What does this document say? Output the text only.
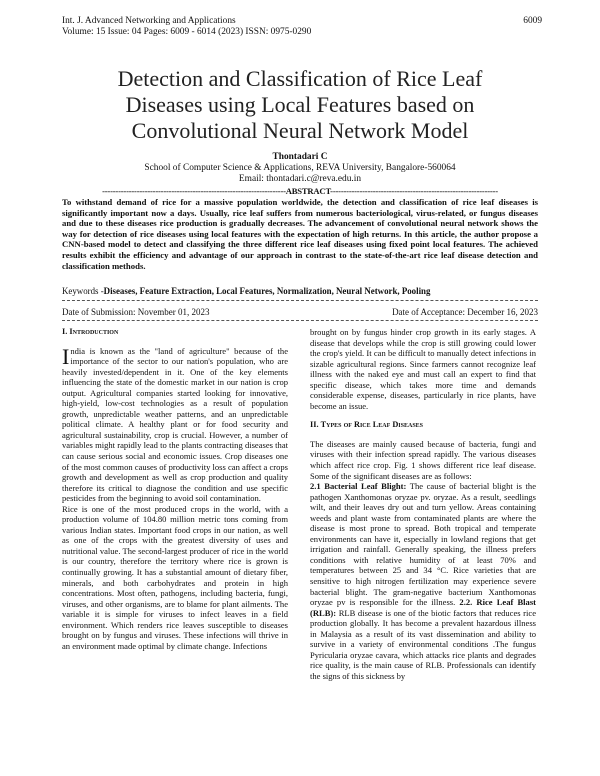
Int. J. Advanced Networking and Applications
Volume: 15 Issue: 04 Pages: 6009 - 6014 (2023) ISSN: 0975-0290
6009
Detection and Classification of Rice Leaf
Diseases using Local Features based on
Convolutional Neural Network Model
Thontadari C
School of Computer Science & Applications, REVA University, Bangalore-560064
Email: thontadari.c@reva.edu.in
---------------------------------------------------------------------ABSTRACT---------------------------------------------------------------
To withstand demand of rice for a massive population worldwide, the detection and classification of rice leaf diseases is significantly important now a days. Usually, rice leaf suffers from numerous bacteriological, virus-related, or fungus diseases and due to these diseases rice production is gradually decreases. The advancement of convolutional neural network shows the way for detection of rice diseases using local features with the expectation of high returns. In this article, the author propose a CNN-based model to detect and classifying the three different rice leaf diseases using fixed point local features. The achieved results exhibit the efficiency and advantage of our approach in contrast to the state-of-the-art rice leaf disease detection and classification methods.
Keywords -Diseases, Feature Extraction, Local Features, Normalization, Neural Network, Pooling
Date of Submission: November 01, 2023	Date of Acceptance: December 16, 2023
I. Introduction

India is known as the "land of agriculture" because of the importance of the sector to our nation's population, who are heavily invested/dependent in it. One of the key elements influencing the state of the domestic market in our nation is crop output. Agricultural companies started looking for innovative, high-yield, low-cost technologies as a result of population growth, unpredictable weather patterns, and an unpredictable political climate. A healthy plant or for food security and agricultural sustainability, crop is crucial. However, a number of variables might rapidly lead to the plants contracting diseases that can cause serious social and economic issues. Crop diseases one of the most common causes of productivity loss can affect a crops growth and development as well as crop production and quality therefore its critical to diagnose the condition and use specific pesticides from the beginning to avoid soil contamination.

Rice is one of the most produced crops in the world, with a production volume of 104.80 million metric tons coming from various Indian states. Important food crops in our nation, as well as one of the crops with the greatest diversity of uses and nutritional value. The second-largest producer of rice in the world is our country, therefore the territory where rice is grown is continually growing. It has a substantial amount of dietary fiber, minerals, and both carbohydrates and protein in high concentrations. Most often, pathogens, including bacteria, fungi, viruses, and other organisms, are to blame for plant ailments. The variable it is simple for viruses to infect leaves in a field environment. Which renders rice leaves susceptible to diseases brought on by fungus and viruses. These infections will thrive in an environment made optimal by climate change. Infections

brought on by fungus hinder crop growth in its early stages. A disease that develops while the crop is still growing could lower the crop's yield. It can be difficult to manually detect infections in sizable agricultural regions. Since farmers cannot recognize leaf illness with the naked eye and must call an expert to find that specific disease, which takes more time and demands considerable expense, diseases, particularly in rice plants, have become an issue.

II. Types of Rice Leaf Diseases

The diseases are mainly caused because of bacteria, fungi and viruses with their infection spread rapidly. The various diseases which affect rice crop. Fig. 1 shows different rice leaf disease. Some of the significant diseases are as follows:

2.1 Bacterial Leaf Blight: The cause of bacterial blight is the pathogen Xanthomonas oryzae pv. oryzae. As a result, seedlings wilt, and their leaves dry out and turn yellow. Areas containing weeds and plant waste from contaminated plants are where the disease is most prone to spread. Both tropical and temperate environments can have it, especially in lowland regions that get irrigation and rainfall. Generally speaking, the illness prefers conditions with relative humidity of at least 70% and temperatures between 25 and 34 °C. Rice varieties that are sensitive to high nitrogen fertilization may experience severe bacterial blight. The gram-negative bacterium Xanthomonas oryzae pv is responsible for the illness. 2.2. Rice Leaf Blast (RLB): RLB disease is one of the biotic factors that reduces rice production globally. It has become a prevalent hazardous illness in Malaysia as a result of its vast dissemination and ability to survive in a variety of environmental conditions .The fungus Pyricularia oryzae cavara, which attacks rice plants and degrades rice quality, is the main cause of RLB. Professionals can identify the signs of this sickness by
